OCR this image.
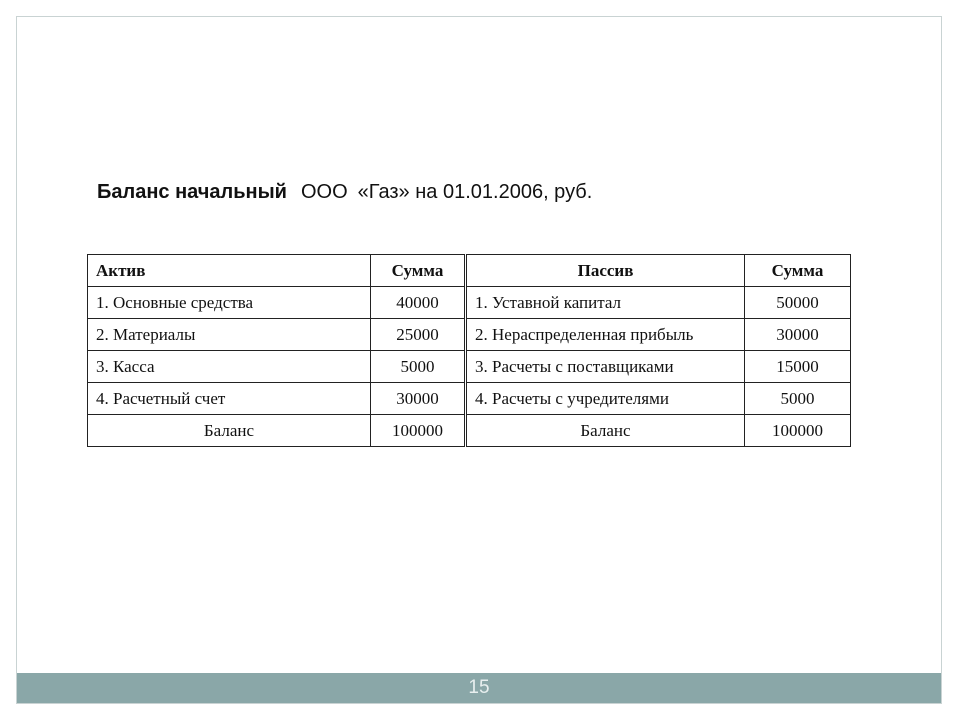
Баланс начальный ООО «Газ» на 01.01.2006, руб.
Актив	Сумма	Пассив	Сумма
1. Основные средства	40000	1. Уставной капитал	50000
2. Материалы	25000	2. Нераспределенная прибыль	30000
3. Касса	5000	3. Расчеты с поставщиками	15000
4. Расчетный счет	30000	4. Расчеты с учредителями	5000
Баланс	100000	Баланс	100000
15
